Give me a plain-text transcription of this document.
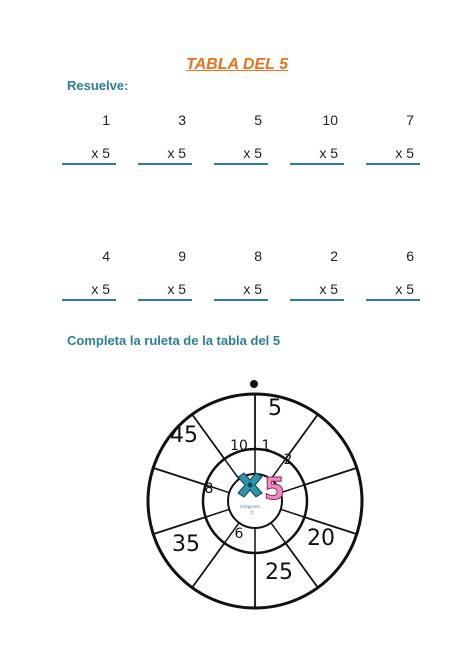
TABLA DEL 5
Resuelve:
1
x 5
3
x 5
5
x 5
10
x 5
7
x 5
4
x 5
9
x 5
8
x 5
2
x 5
6
x 5
Completa la ruleta de la tabla del 5
10 1
2
8
6
5
45
20
35
25
5
Imágenes
©
